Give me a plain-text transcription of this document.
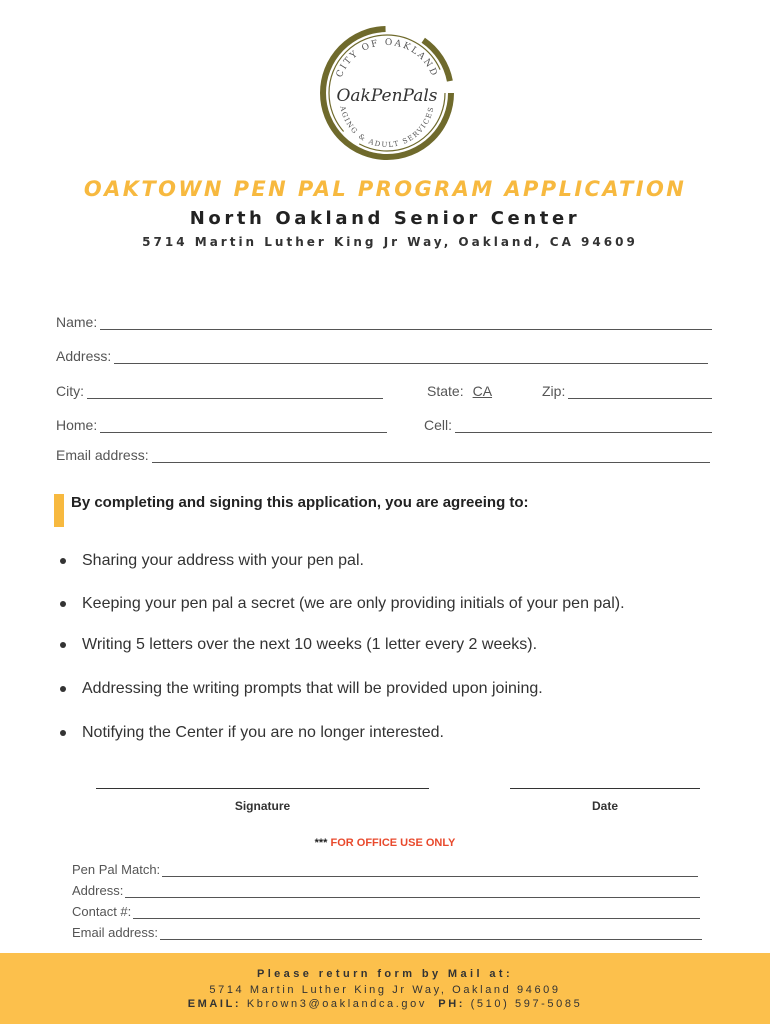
CITY OF OAKLAND
AGING & ADULT SERVICES
OakPenPals
OAKTOWN PEN PAL PROGRAM APPLICATION
North Oakland Senior Center
5714 Martin Luther King Jr Way, Oakland, CA 94609
Name:
Address:
City:	State: CA	Zip:
Home:	Cell:
Email address:
By completing and signing this application, you are agreeing to:
Sharing your address with your pen pal.
Keeping your pen pal a secret (we are only providing initials of your pen pal).
Writing 5 letters over the next 10 weeks (1 letter every 2 weeks).
Addressing the writing prompts that will be provided upon joining.
Notifying the Center if you are no longer interested.
Signature	Date
*** FOR OFFICE USE ONLY
Pen Pal Match:
Address:
Contact #:
Email address:
Please return form by Mail at:
5714 Martin Luther King Jr Way, Oakland 94609
EMAIL: Kbrown3@oaklandca.gov PH: (510) 597-5085
